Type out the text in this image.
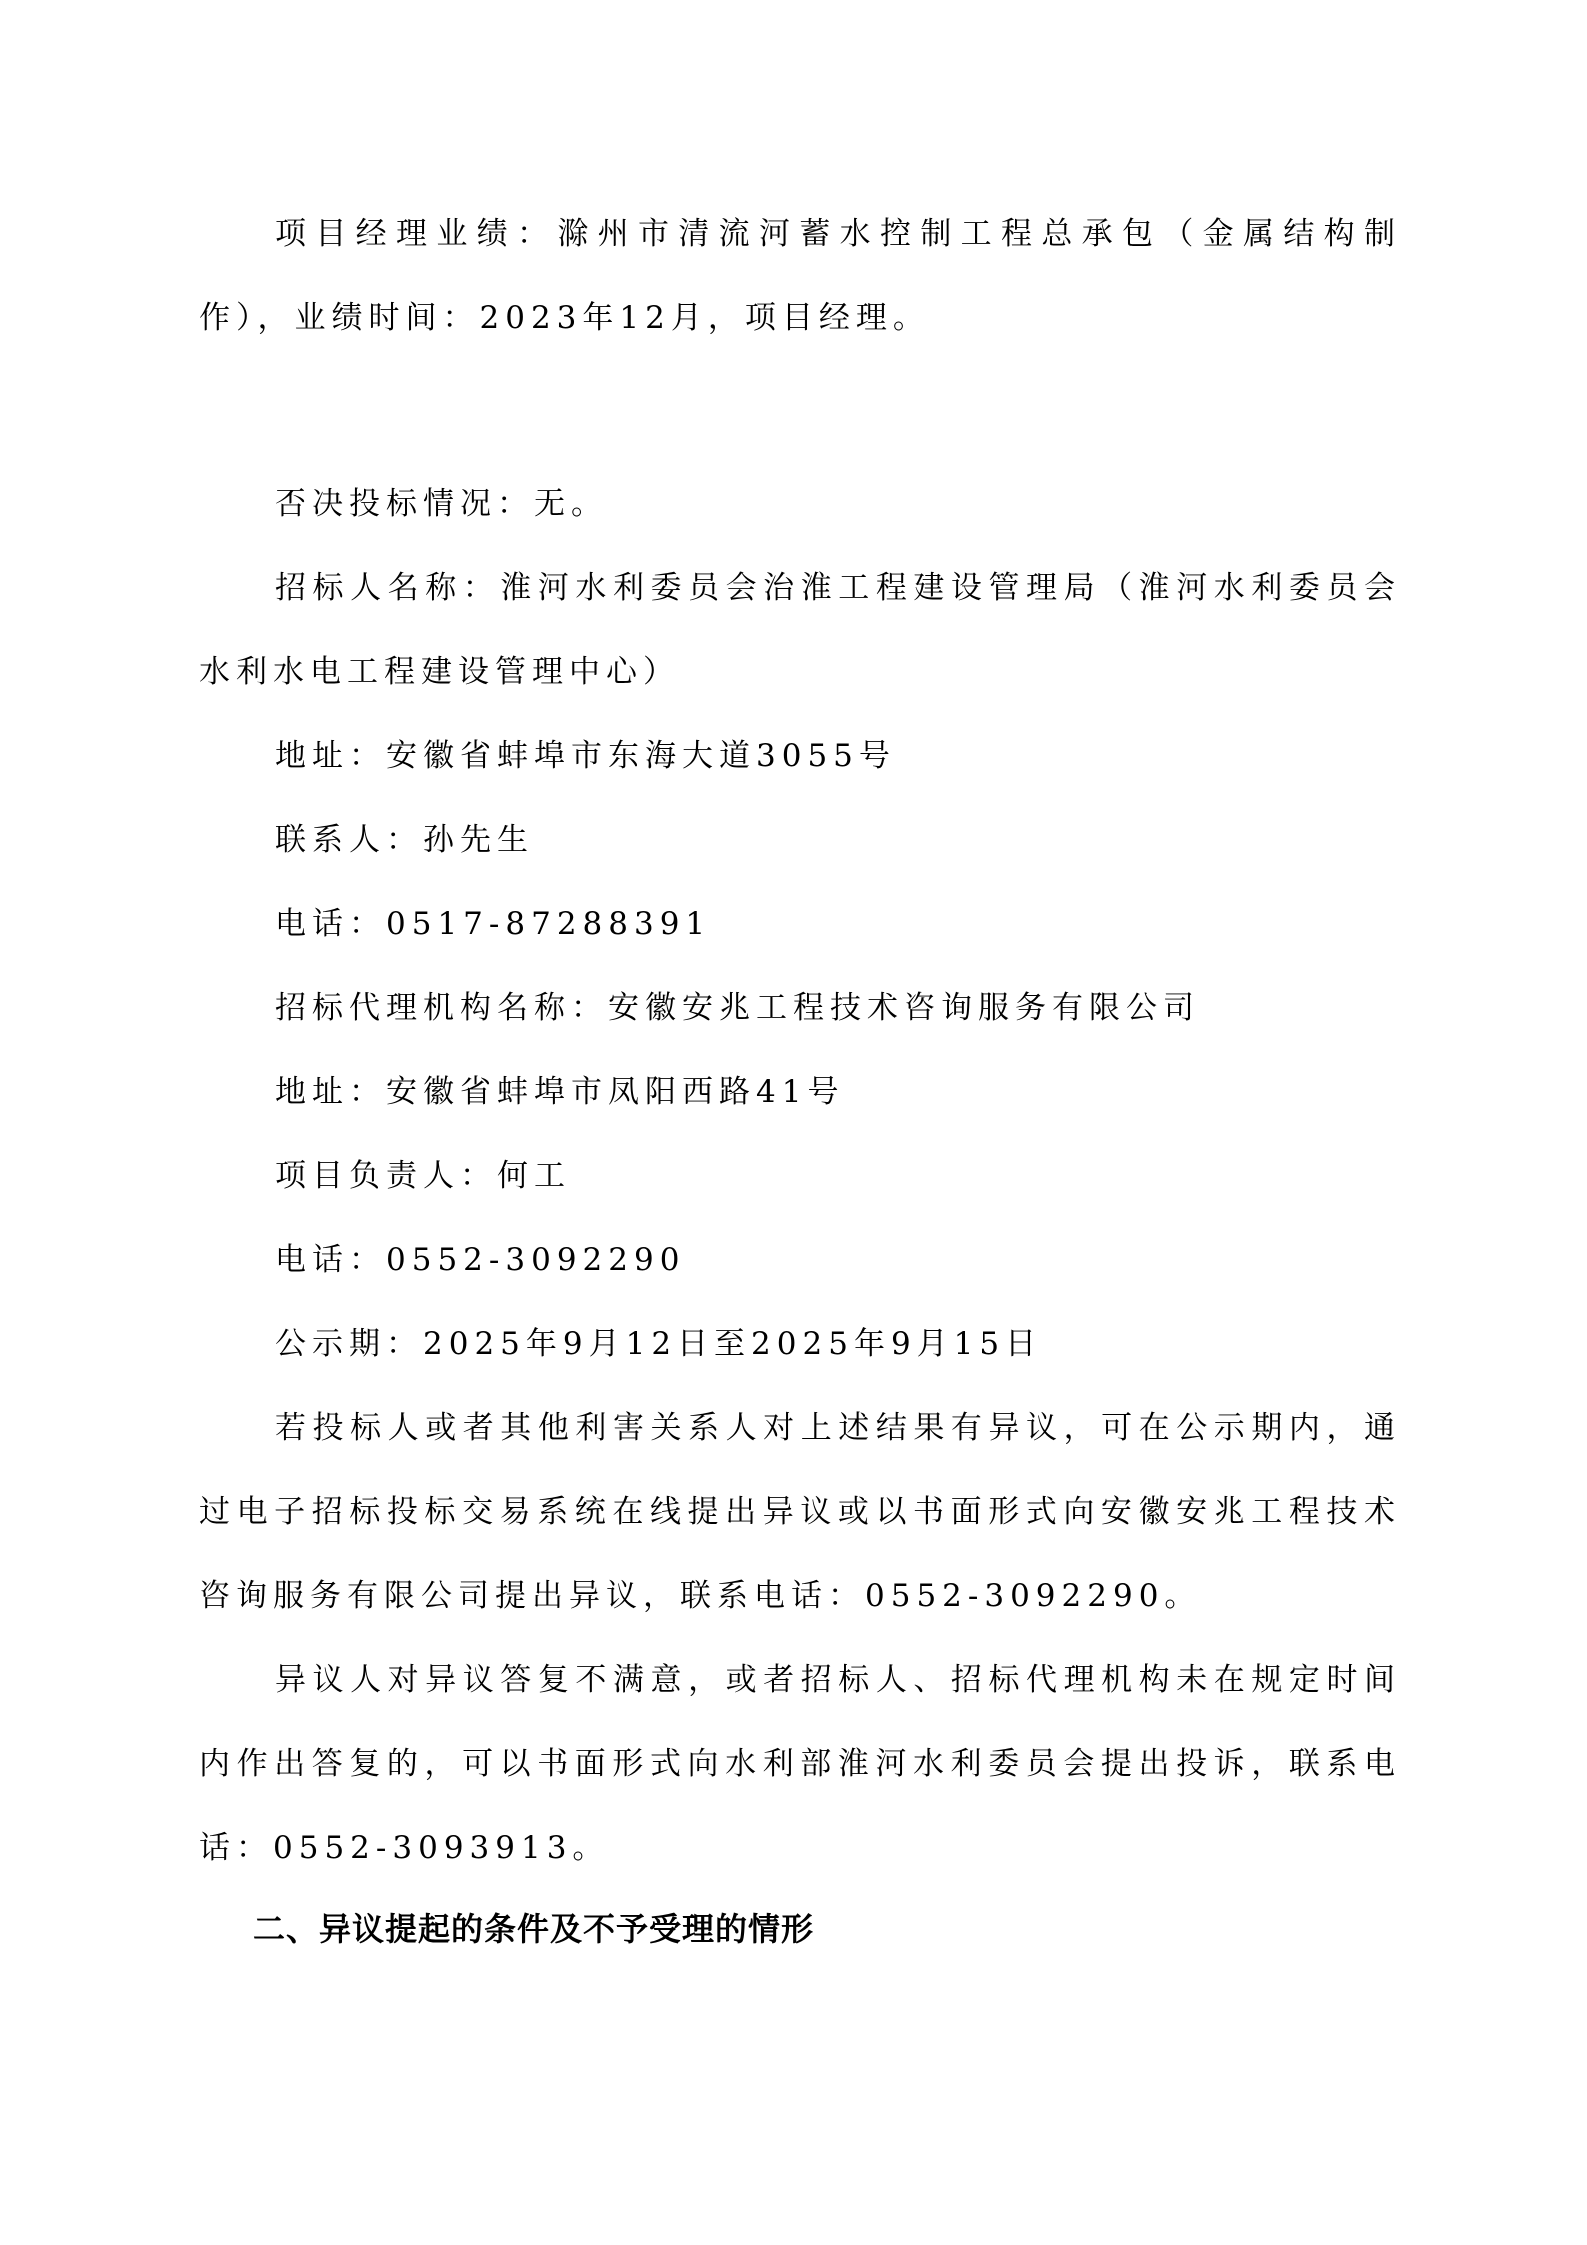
项目经理业绩：滁州市清流河蓄水控制工程总承包（金属结构制作），业绩时间：2023年12月，项目经理。

否决投标情况：无。

招标人名称：淮河水利委员会治淮工程建设管理局（淮河水利委员会水利水电工程建设管理中心）

地址：安徽省蚌埠市东海大道3055号

联系人：孙先生

电话：0517-87288391

招标代理机构名称：安徽安兆工程技术咨询服务有限公司

地址：安徽省蚌埠市凤阳西路41号

项目负责人：何工

电话：0552-3092290

公示期：2025年9月12日至2025年9月15日

若投标人或者其他利害关系人对上述结果有异议，可在公示期内，通过电子招标投标交易系统在线提出异议或以书面形式向安徽安兆工程技术咨询服务有限公司提出异议，联系电话：0552-3092290。

异议人对异议答复不满意，或者招标人、招标代理机构未在规定时间内作出答复的，可以书面形式向水利部淮河水利委员会提出投诉，联系电话：0552-3093913。

二、异议提起的条件及不予受理的情形
